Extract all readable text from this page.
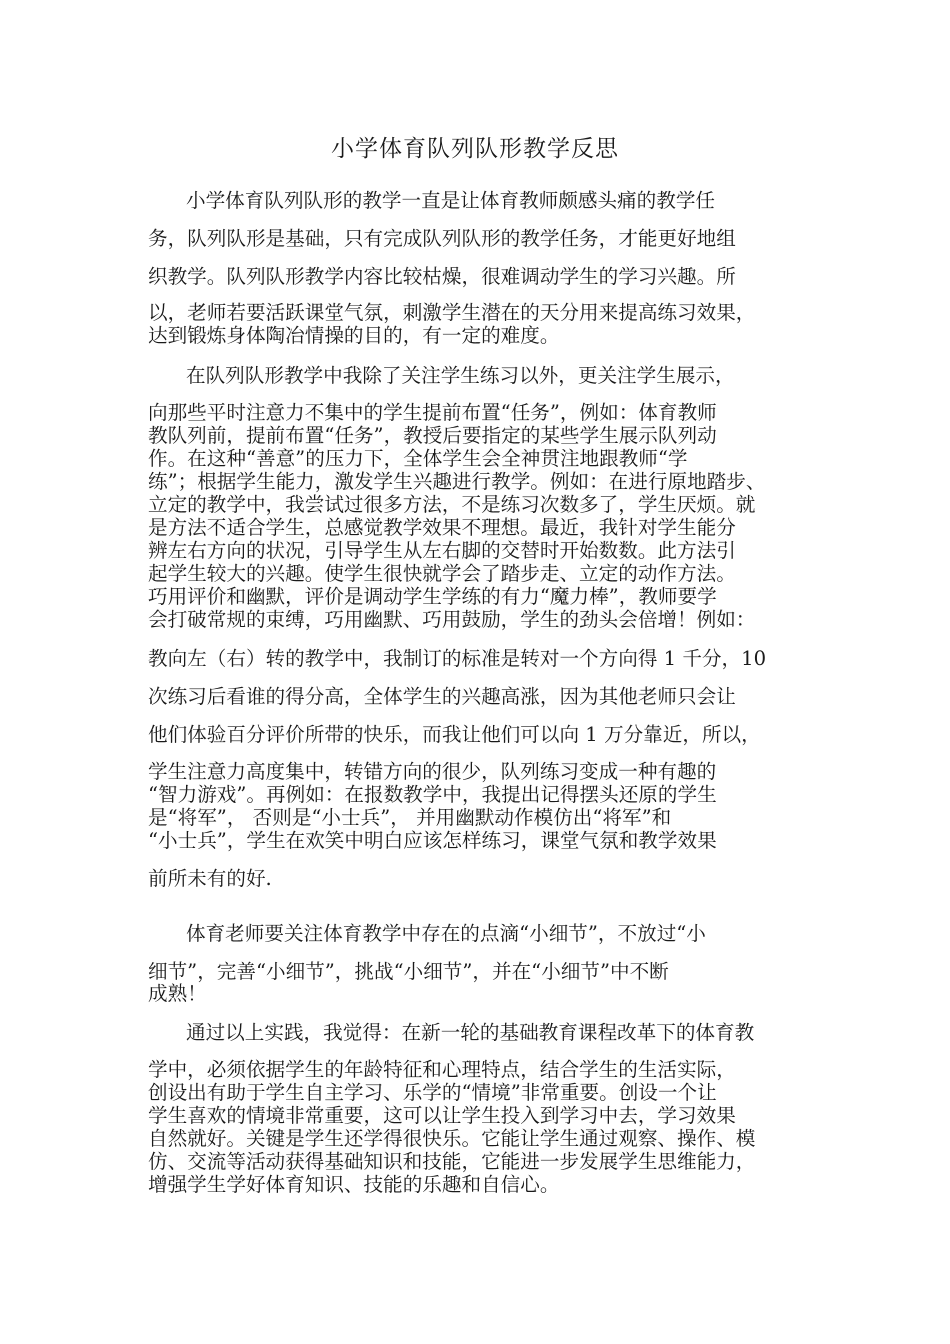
小学体育队列队形教学反思
小学体育队列队形的教学一直是让体育教师颇感头痛的教学任
务，队列队形是基础，只有完成队列队形的教学任务，才能更好地组
织教学。队列队形教学内容比较枯燥，很难调动学生的学习兴趣。所
以，老师若要活跃课堂气氛，刺激学生潜在的天分用来提高练习效果，
达到锻炼身体陶冶情操的目的，有一定的难度。
在队列队形教学中我除了关注学生练习以外，更关注学生展示，
向那些平时注意力不集中的学生提前布置“任务”，例如：体育教师
教队列前，提前布置“任务”，教授后要指定的某些学生展示队列动
作。在这种“善意”的压力下，全体学生会全神贯注地跟教师“学
练”；根据学生能力，激发学生兴趣进行教学。例如：在进行原地踏步、
立定的教学中，我尝试过很多方法，不是练习次数多了，学生厌烦。就
是方法不适合学生，总感觉教学效果不理想。最近，我针对学生能分
辨左右方向的状况，引导学生从左右脚的交替时开始数数。此方法引
起学生较大的兴趣。使学生很快就学会了踏步走、立定的动作方法。
巧用评价和幽默，评价是调动学生学练的有力“魔力棒”，教师要学
会打破常规的束缚，巧用幽默、巧用鼓励，学生的劲头会倍增！例如：
教向左（右）转的教学中，我制订的标准是转对一个方向得 1 千分，10
次练习后看谁的得分高，全体学生的兴趣高涨，因为其他老师只会让
他们体验百分评价所带的快乐，而我让他们可以向 1 万分靠近，所以，
学生注意力高度集中，转错方向的很少，队列练习变成一种有趣的
“智力游戏”。再例如：在报数教学中，我提出记得摆头还原的学生
是“将军”， 否则是“小士兵”， 并用幽默动作模仿出“将军”和
“小士兵”，学生在欢笑中明白应该怎样练习，课堂气氛和教学效果
前所未有的好.
体育老师要关注体育教学中存在的点滴“小细节”，不放过“小
细节”，完善“小细节”，挑战“小细节”，并在“小细节”中不断
成熟！
通过以上实践，我觉得：在新一轮的基础教育课程改革下的体育教
学中，必须依据学生的年龄特征和心理特点，结合学生的生活实际，
创设出有助于学生自主学习、乐学的“情境”非常重要。创设一个让
学生喜欢的情境非常重要，这可以让学生投入到学习中去，学习效果
自然就好。关键是学生还学得很快乐。它能让学生通过观察、操作、模
仿、交流等活动获得基础知识和技能，它能进一步发展学生思维能力，
增强学生学好体育知识、技能的乐趣和自信心。
